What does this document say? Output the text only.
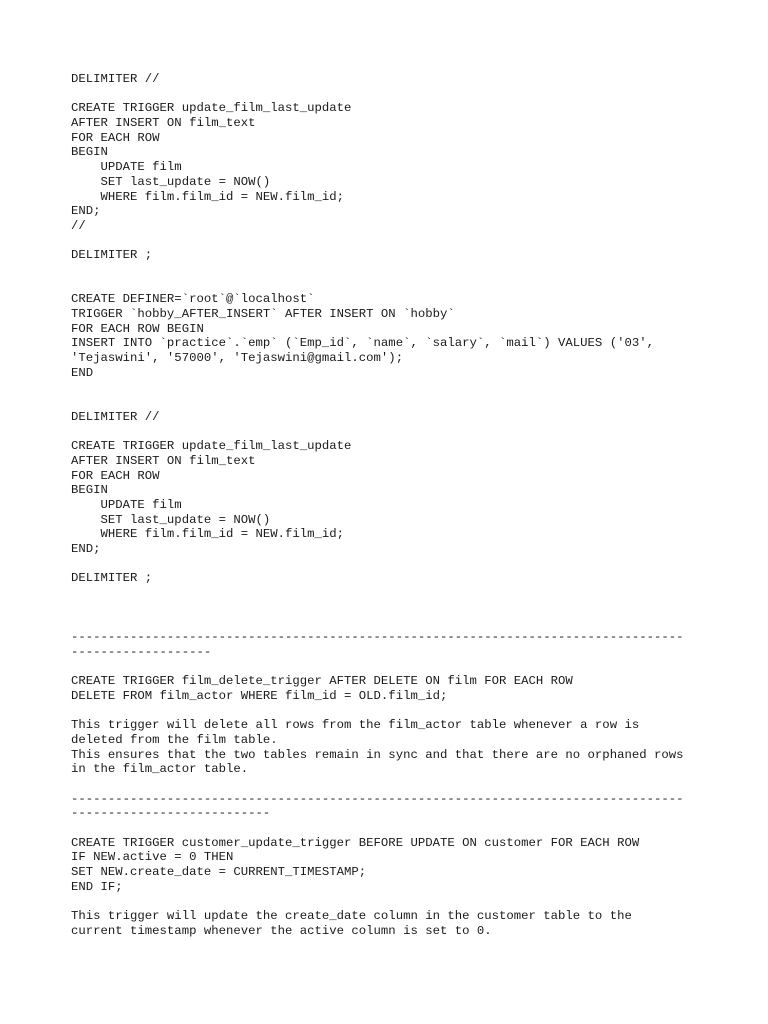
DELIMITER //
CREATE TRIGGER update_film_last_update
AFTER INSERT ON film_text
FOR EACH ROW
BEGIN
UPDATE film
SET last_update = NOW()
WHERE film.film_id = NEW.film_id;
END;
//
DELIMITER ;
CREATE DEFINER=`root`@`localhost`
TRIGGER `hobby_AFTER_INSERT` AFTER INSERT ON `hobby`
FOR EACH ROW BEGIN
INSERT INTO `practice`.`emp` (`Emp_id`, `name`, `salary`, `mail`) VALUES ('03',
'Tejaswini', '57000', 'Tejaswini@gmail.com');
END
DELIMITER //
CREATE TRIGGER update_film_last_update
AFTER INSERT ON film_text
FOR EACH ROW
BEGIN
UPDATE film
SET last_update = NOW()
WHERE film.film_id = NEW.film_id;
END;
DELIMITER ;
-----------------------------------------------------------------------------------
-------------------
CREATE TRIGGER film_delete_trigger AFTER DELETE ON film FOR EACH ROW
DELETE FROM film_actor WHERE film_id = OLD.film_id;
This trigger will delete all rows from the film_actor table whenever a row is
deleted from the film table.
This ensures that the two tables remain in sync and that there are no orphaned rows
in the film_actor table.
-----------------------------------------------------------------------------------
---------------------------
CREATE TRIGGER customer_update_trigger BEFORE UPDATE ON customer FOR EACH ROW
IF NEW.active = 0 THEN
SET NEW.create_date = CURRENT_TIMESTAMP;
END IF;
This trigger will update the create_date column in the customer table to the
current timestamp whenever the active column is set to 0.
